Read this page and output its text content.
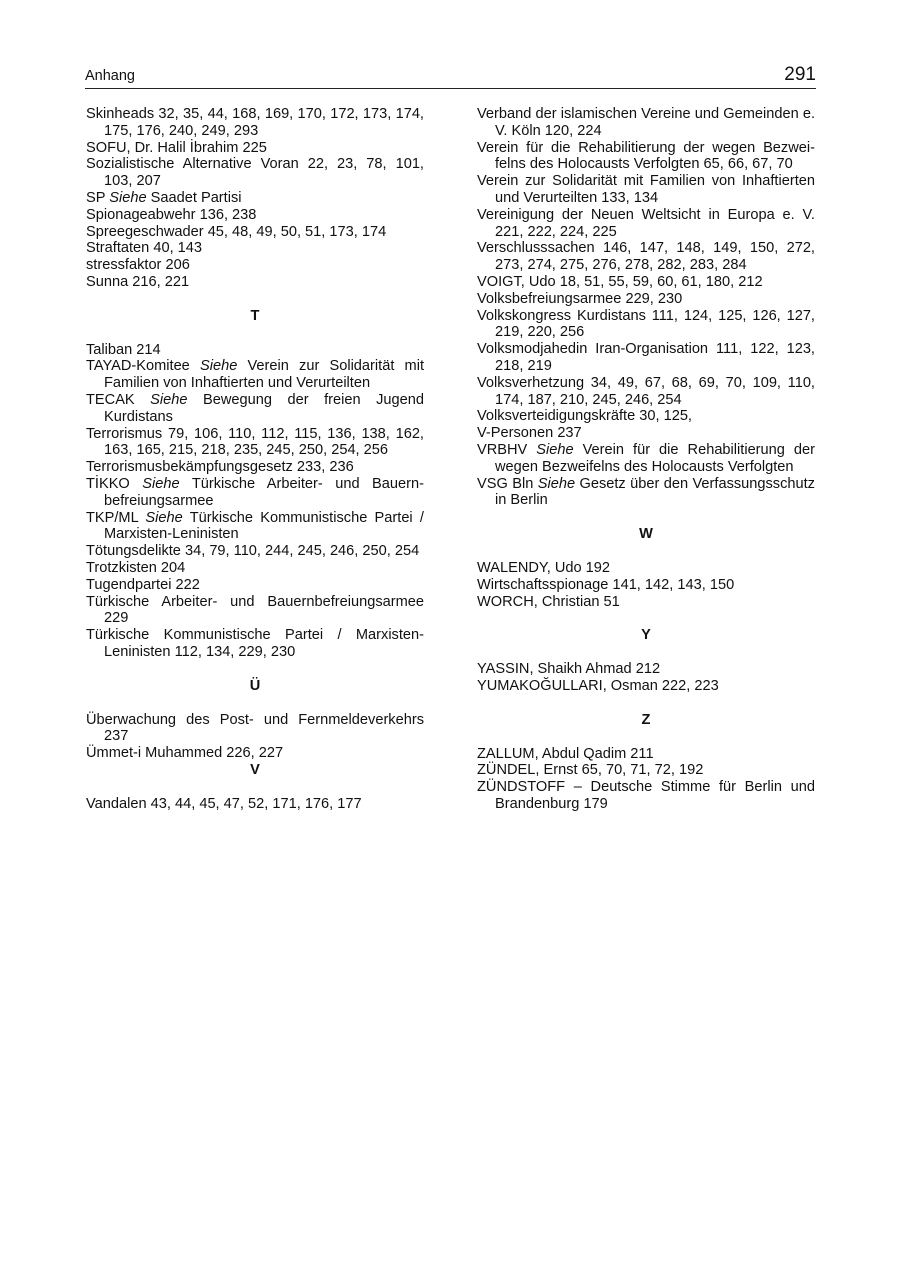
Anhang	291

Skinheads 32, 35, 44, 168, 169, 170, 172, 173, 174, 175, 176, 240, 249, 293

SOFU, Dr. Halil İbrahim 225

Sozialistische Alternative Voran 22, 23, 78, 101, 103, 207

SP Siehe Saadet Partisi

Spionageabwehr 136, 238

Spreegeschwader 45, 48, 49, 50, 51, 173, 174

Straftaten 40, 143

stressfaktor 206

Sunna 216, 221

T

Taliban 214

TAYAD-Komitee Siehe Verein zur Solidarität mit Familien von Inhaftierten und Verurteilten

TECAK Siehe Bewegung der freien Jugend Kurdistans

Terrorismus 79, 106, 110, 112, 115, 136, 138, 162, 163, 165, 215, 218, 235, 245, 250, 254, 256

Terrorismusbekämpfungsgesetz 233, 236

TİKKO Siehe Türkische Arbeiter- und Bauernbefreiungsarmee

TKP/ML Siehe Türkische Kommunistische Partei / Marxisten-Leninisten

Tötungsdelikte 34, 79, 110, 244, 245, 246, 250, 254

Trotzkisten 204

Tugendpartei 222

Türkische Arbeiter- und Bauernbefreiungsarmee 229

Türkische Kommunistische Partei / Marxisten-Leninisten 112, 134, 229, 230

Ü

Überwachung des Post- und Fernmeldeverkehrs 237

Ümmet-i Muhammed 226, 227

V

Vandalen 43, 44, 45, 47, 52, 171, 176, 177

Verband der islamischen Vereine und Gemeinden e. V. Köln 120, 224

Verein für die Rehabilitierung der wegen Bezweifelns des Holocausts Verfolgten 65, 66, 67, 70

Verein zur Solidarität mit Familien von Inhaftierten und Verurteilten 133, 134

Vereinigung der Neuen Weltsicht in Europa e. V. 221, 222, 224, 225

Verschlusssachen 146, 147, 148, 149, 150, 272, 273, 274, 275, 276, 278, 282, 283, 284

VOIGT, Udo 18, 51, 55, 59, 60, 61, 180, 212

Volksbefreiungsarmee 229, 230

Volkskongress Kurdistans 111, 124, 125, 126, 127, 219, 220, 256

Volksmodjahedin Iran-Organisation 111, 122, 123, 218, 219

Volksverhetzung 34, 49, 67, 68, 69, 70, 109, 110, 174, 187, 210, 245, 246, 254

Volksverteidigungskräfte 30, 125,

V-Personen 237

VRBHV Siehe Verein für die Rehabilitierung der wegen Bezweifelns des Holocausts Verfolgten

VSG Bln Siehe Gesetz über den Verfassungsschutz in Berlin

W

WALENDY, Udo 192

Wirtschaftsspionage 141, 142, 143, 150

WORCH, Christian 51

Y

YASSIN, Shaikh Ahmad 212

YUMAKOĞULLARI, Osman 222, 223

Z

ZALLUM, Abdul Qadim 211

ZÜNDEL, Ernst 65, 70, 71, 72, 192

ZÜNDSTOFF – Deutsche Stimme für Berlin und Brandenburg 179
